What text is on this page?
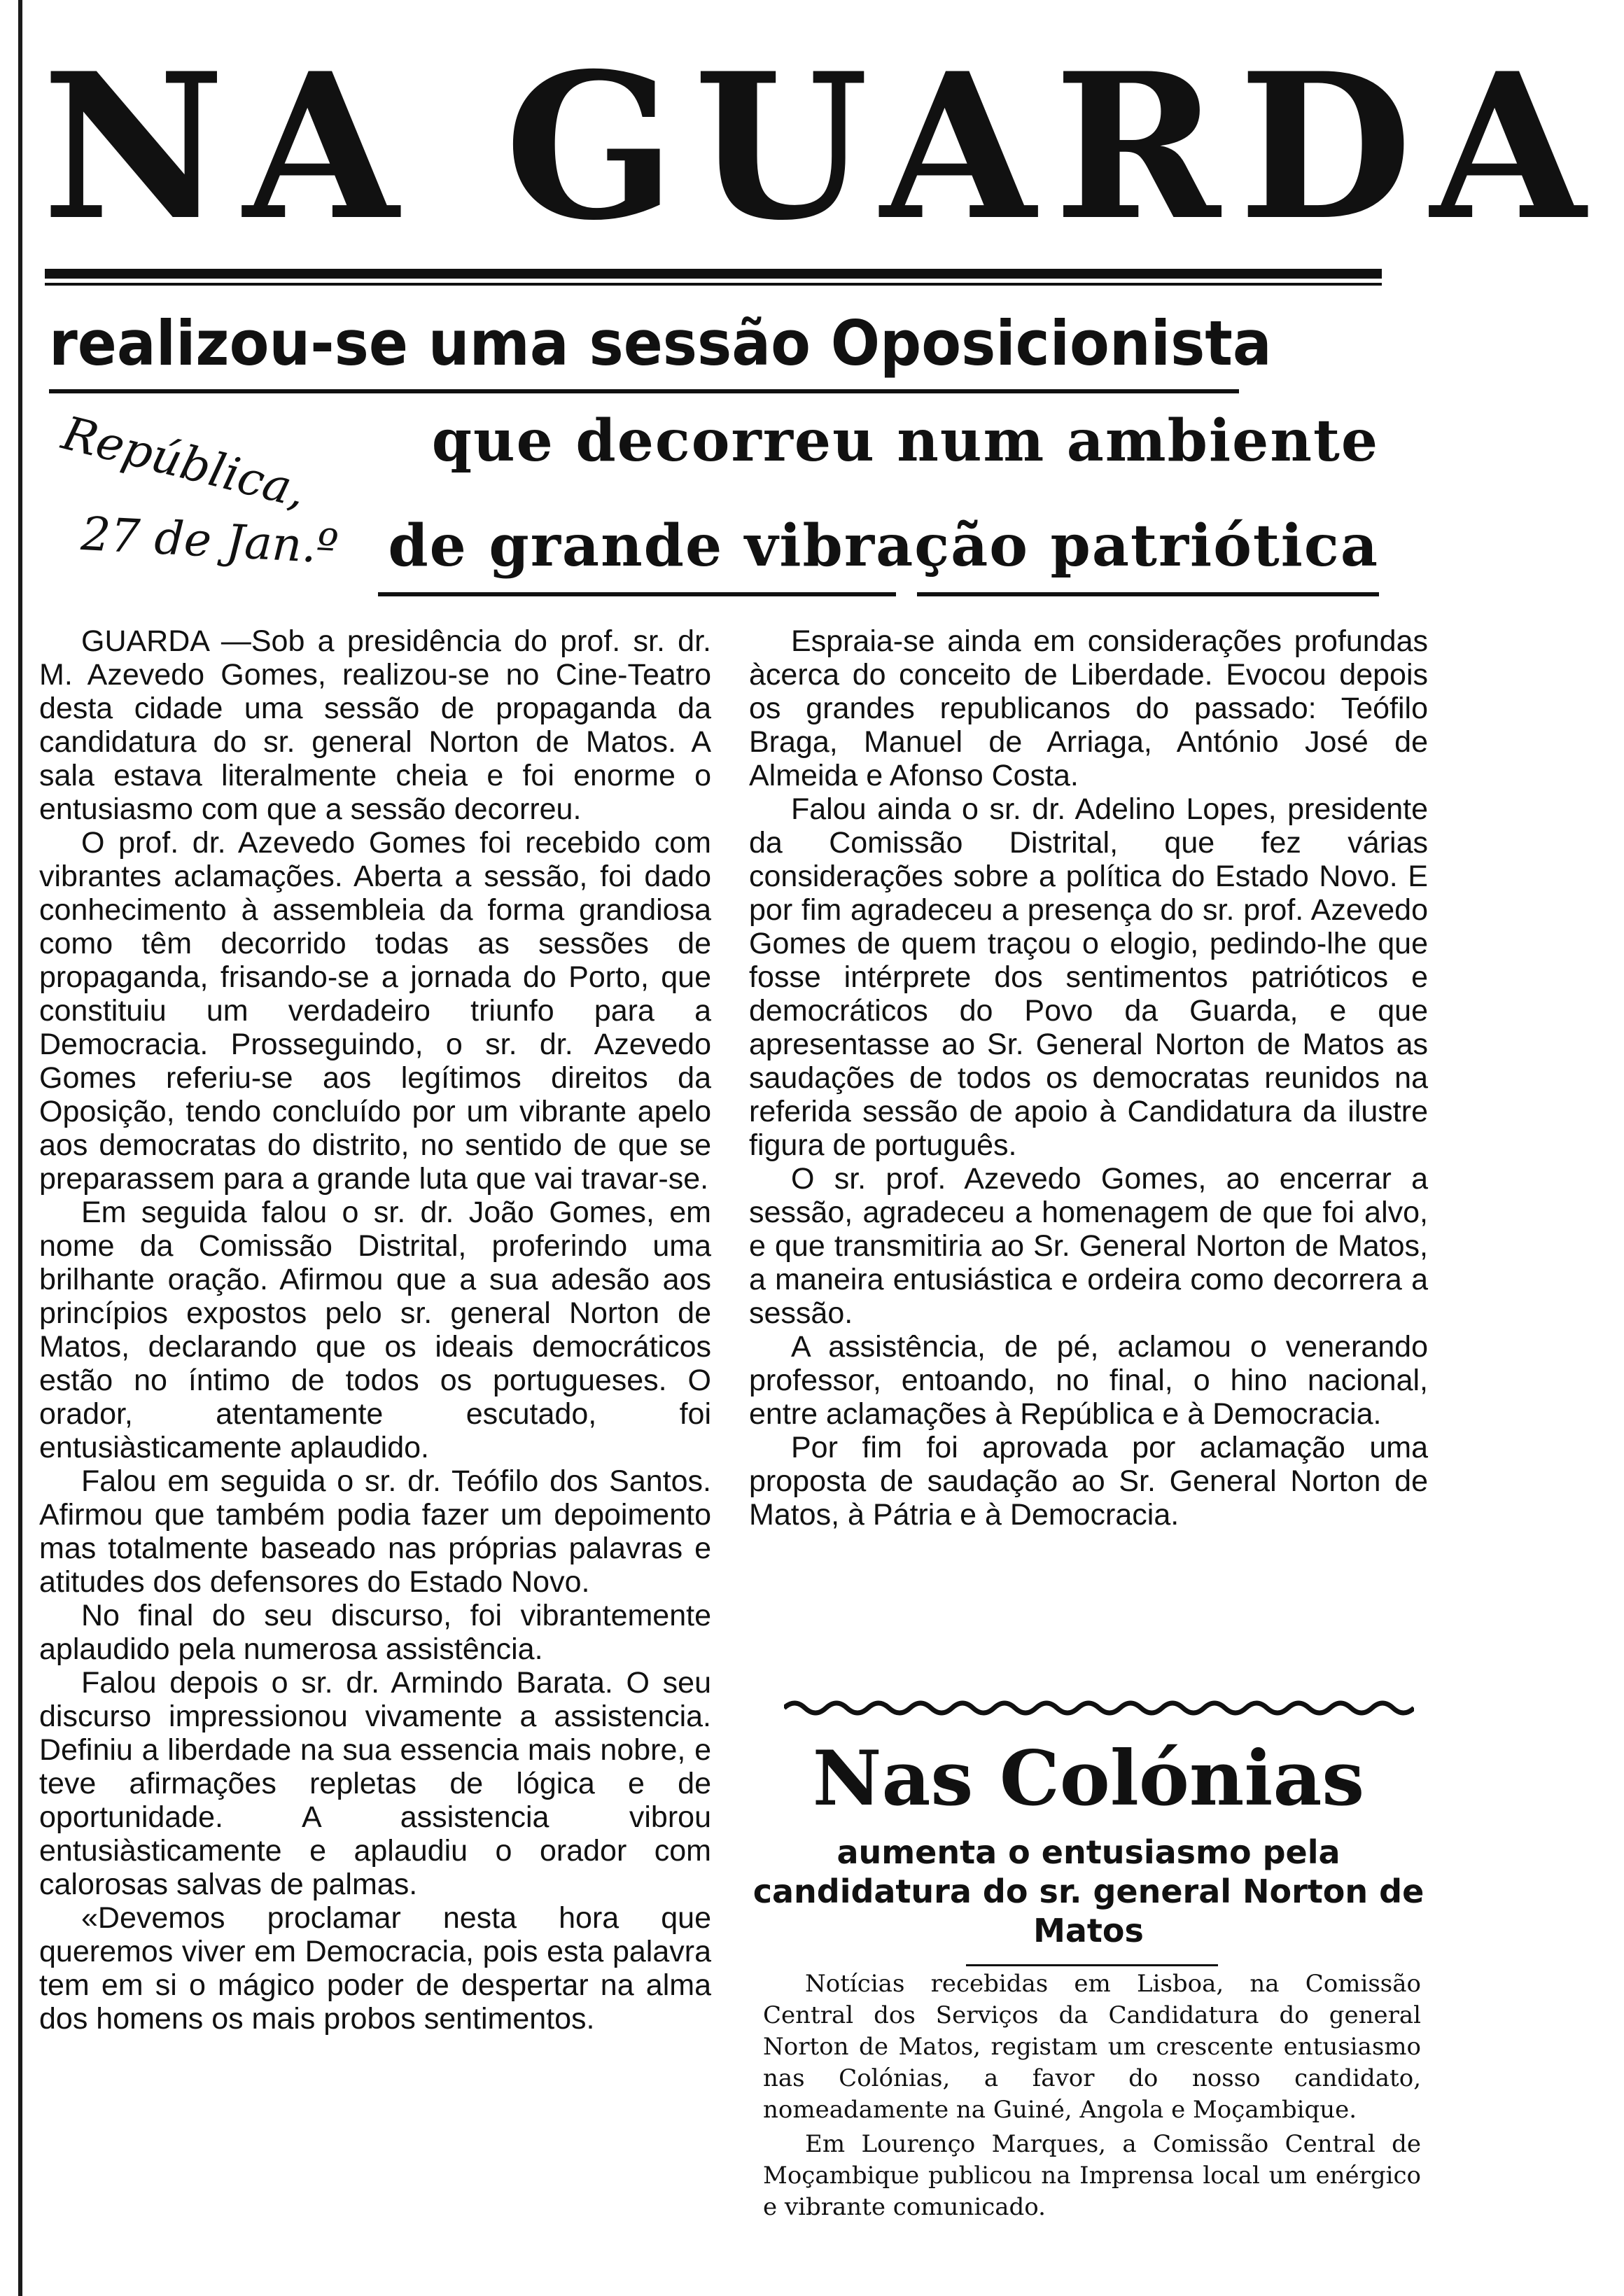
NA GUARDA
realizou-se uma sessão Oposicionista
República,
27 de Jan.º
que decorreu num ambiente
de grande vibração patriótica

GUARDA —Sob a presidência do prof. sr. dr. M. Azevedo Gomes, realizou-se no Cine-Teatro desta cidade uma sessão de propaganda da candidatura do sr. general Norton de Matos. A sala estava literalmente cheia e foi enorme o entusiasmo com que a sessão decorreu.

O prof. dr. Azevedo Gomes foi recebido com vibrantes aclamações. Aberta a sessão, foi dado conhecimento à assembleia da forma grandiosa como têm decorrido todas as sessões de propaganda, frisando-se a jornada do Porto, que constituiu um verdadeiro triunfo para a Democracia. Prosseguindo, o sr. dr. Azevedo Gomes referiu-se aos legítimos direitos da Oposição, tendo concluído por um vibrante apelo aos democratas do distrito, no sentido de que se preparassem para a grande luta que vai travar-se.

Em seguida falou o sr. dr. João Gomes, em nome da Comissão Distrital, proferindo uma brilhante oração. Afirmou que a sua adesão aos princípios expostos pelo sr. general Norton de Matos, declarando que os ideais democráticos estão no íntimo de todos os portugueses. O orador, atentamente escutado, foi entusiàsticamente aplaudido.

Falou em seguida o sr. dr. Teófilo dos Santos. Afirmou que também podia fazer um depoimento mas totalmente baseado nas próprias palavras e atitudes dos defensores do Estado Novo.

No final do seu discurso, foi vibrantemente aplaudido pela numerosa assistência.

Falou depois o sr. dr. Armindo Barata. O seu discurso impressionou vivamente a assistencia. Definiu a liberdade na sua essencia mais nobre, e teve afirmações repletas de lógica e de oportunidade. A assistencia vibrou entusiàsticamente e aplaudiu o orador com calorosas salvas de palmas.

«Devemos proclamar nesta hora que queremos viver em Democracia, pois esta palavra tem em si o mágico poder de despertar na alma dos homens os mais probos sentimentos.

Espraia-se ainda em considerações profundas àcerca do conceito de Liberdade. Evocou depois os grandes republicanos do passado: Teófilo Braga, Manuel de Arriaga, António José de Almeida e Afonso Costa.

Falou ainda o sr. dr. Adelino Lopes, presidente da Comissão Distrital, que fez várias considerações sobre a política do Estado Novo. E por fim agradeceu a presença do sr. prof. Azevedo Gomes de quem traçou o elogio, pedindo-lhe que fosse intérprete dos sentimentos patrióticos e democráticos do Povo da Guarda, e que apresentasse ao Sr. General Norton de Matos as saudações de todos os democratas reunidos na referida sessão de apoio à Candidatura da ilustre figura de português.

O sr. prof. Azevedo Gomes, ao encerrar a sessão, agradeceu a homenagem de que foi alvo, e que transmitiria ao Sr. General Norton de Matos, a maneira entusiástica e ordeira como decorrera a sessão.

A assistência, de pé, aclamou o venerando professor, entoando, no final, o hino nacional, entre aclamações à República e à Democracia.

Por fim foi aprovada por aclamação uma proposta de saudação ao Sr. General Norton de Matos, à Pátria e à Democracia.

Nas Colónias
aumenta o entusiasmo pela candidatura do sr. general Norton de Matos

Notícias recebidas em Lisboa, na Comissão Central dos Serviços da Candidatura do general Norton de Matos, registam um crescente entusiasmo nas Colónias, a favor do nosso candidato, nomeadamente na Guiné, Angola e Moçambique.

Em Lourenço Marques, a Comissão Central de Moçambique publicou na Imprensa local um enérgico e vibrante comunicado.
